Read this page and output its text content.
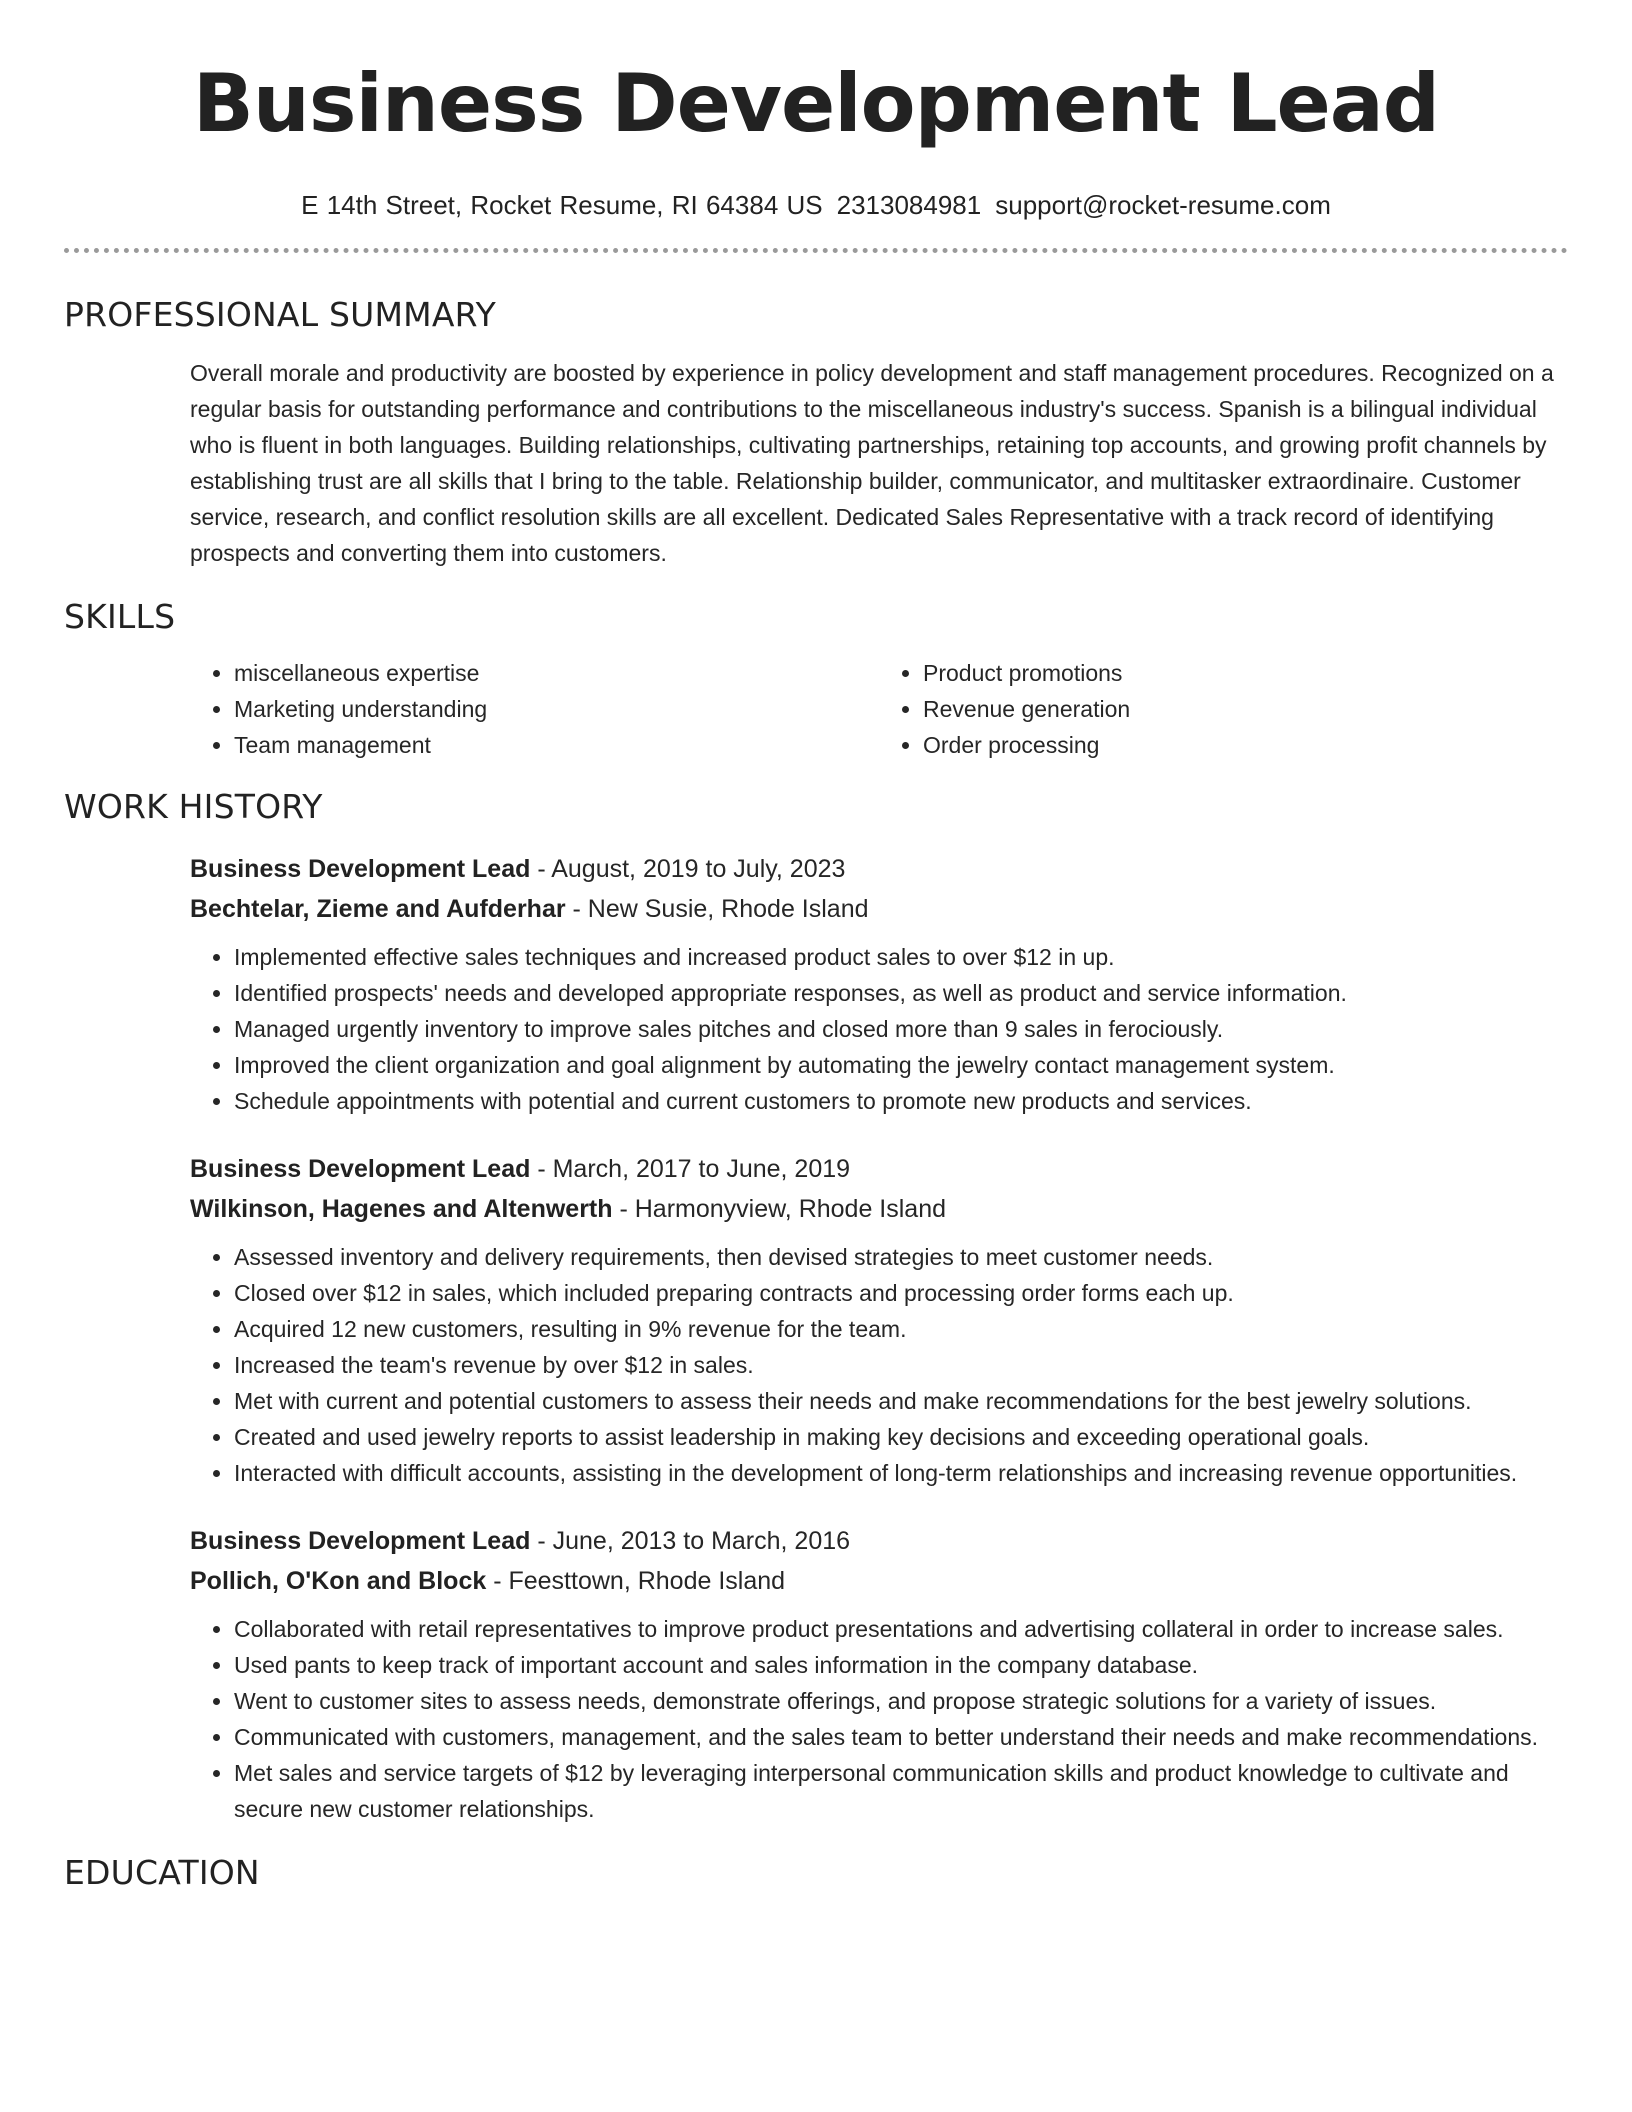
Business Development Lead
E 14th Street, Rocket Resume, RI 64384 US 2313084981 support@rocket-resume.com
PROFESSIONAL SUMMARY

Overall morale and productivity are boosted by experience in policy development and staff management procedures. Recognized on a regular basis for outstanding performance and contributions to the miscellaneous industry's success. Spanish is a bilingual individual who is fluent in both languages. Building relationships, cultivating partnerships, retaining top accounts, and growing profit channels by establishing trust are all skills that I bring to the table. Relationship builder, communicator, and multitasker extraordinaire. Customer service, research, and conflict resolution skills are all excellent. Dedicated Sales Representative with a track record of identifying prospects and converting them into customers.

SKILLS
• miscellaneous expertise
• Marketing understanding
• Team management
• Product promotions
• Revenue generation
• Order processing
WORK HISTORY
Business Development Lead - August, 2019 to July, 2023
Bechtelar, Zieme and Aufderhar - New Susie, Rhode Island
• Implemented effective sales techniques and increased product sales to over $12 in up.
• Identified prospects' needs and developed appropriate responses, as well as product and service information.
• Managed urgently inventory to improve sales pitches and closed more than 9 sales in ferociously.
• Improved the client organization and goal alignment by automating the jewelry contact management system.
• Schedule appointments with potential and current customers to promote new products and services.
Business Development Lead - March, 2017 to June, 2019
Wilkinson, Hagenes and Altenwerth - Harmonyview, Rhode Island
• Assessed inventory and delivery requirements, then devised strategies to meet customer needs.
• Closed over $12 in sales, which included preparing contracts and processing order forms each up.
• Acquired 12 new customers, resulting in 9% revenue for the team.
• Increased the team's revenue by over $12 in sales.
• Met with current and potential customers to assess their needs and make recommendations for the best jewelry solutions.
• Created and used jewelry reports to assist leadership in making key decisions and exceeding operational goals.
• Interacted with difficult accounts, assisting in the development of long-term relationships and increasing revenue opportunities.
Business Development Lead - June, 2013 to March, 2016
Pollich, O'Kon and Block - Feesttown, Rhode Island
• Collaborated with retail representatives to improve product presentations and advertising collateral in order to increase sales.
• Used pants to keep track of important account and sales information in the company database.
• Went to customer sites to assess needs, demonstrate offerings, and propose strategic solutions for a variety of issues.
• Communicated with customers, management, and the sales team to better understand their needs and make recommendations.
• Met sales and service targets of $12 by leveraging interpersonal communication skills and product knowledge to cultivate and secure new customer relationships.
EDUCATION
